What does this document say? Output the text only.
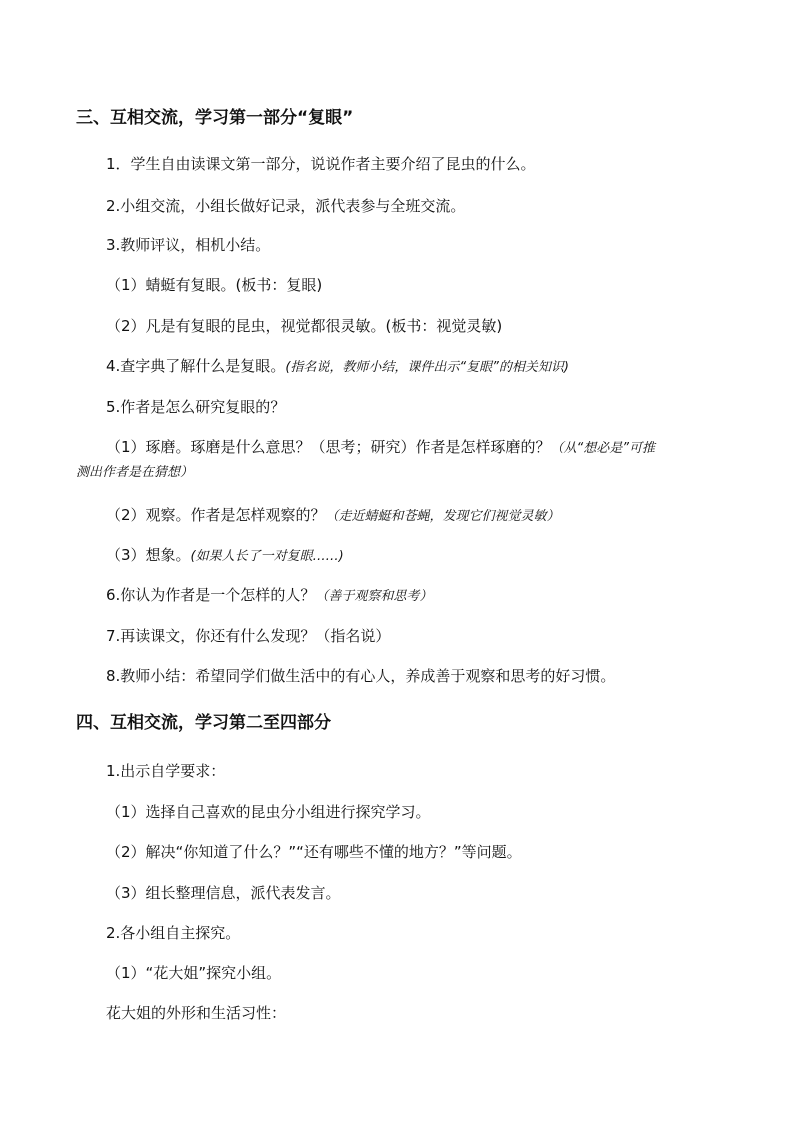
三、互相交流，学习第一部分“复眼”
1．学生自由读课文第一部分，说说作者主要介绍了昆虫的什么。
2.小组交流，小组长做好记录，派代表参与全班交流。
3.教师评议，相机小结。
（1）蜻蜓有复眼。(板书：复眼)
（2）凡是有复眼的昆虫，视觉都很灵敏。(板书：视觉灵敏)
4.查字典了解什么是复眼。(指名说，教师小结，课件出示“复眼”的相关知识)
5.作者是怎么研究复眼的？
（1）琢磨。琢磨是什么意思？（思考；研究）作者是怎样琢磨的？（从“想必是”可推
测出作者是在猜想）
（2）观察。作者是怎样观察的？（走近蜻蜓和苍蝇，发现它们视觉灵敏）
（3）想象。(如果人长了一对复眼……)
6.你认为作者是一个怎样的人？（善于观察和思考）
7.再读课文，你还有什么发现？（指名说）
8.教师小结：希望同学们做生活中的有心人，养成善于观察和思考的好习惯。
四、互相交流，学习第二至四部分
1.出示自学要求：
（1）选择自己喜欢的昆虫分小组进行探究学习。
（2）解决“你知道了什么？”“还有哪些不懂的地方？”等问题。
（3）组长整理信息，派代表发言。
2.各小组自主探究。
（1）“花大姐”探究小组。
花大姐的外形和生活习性：
